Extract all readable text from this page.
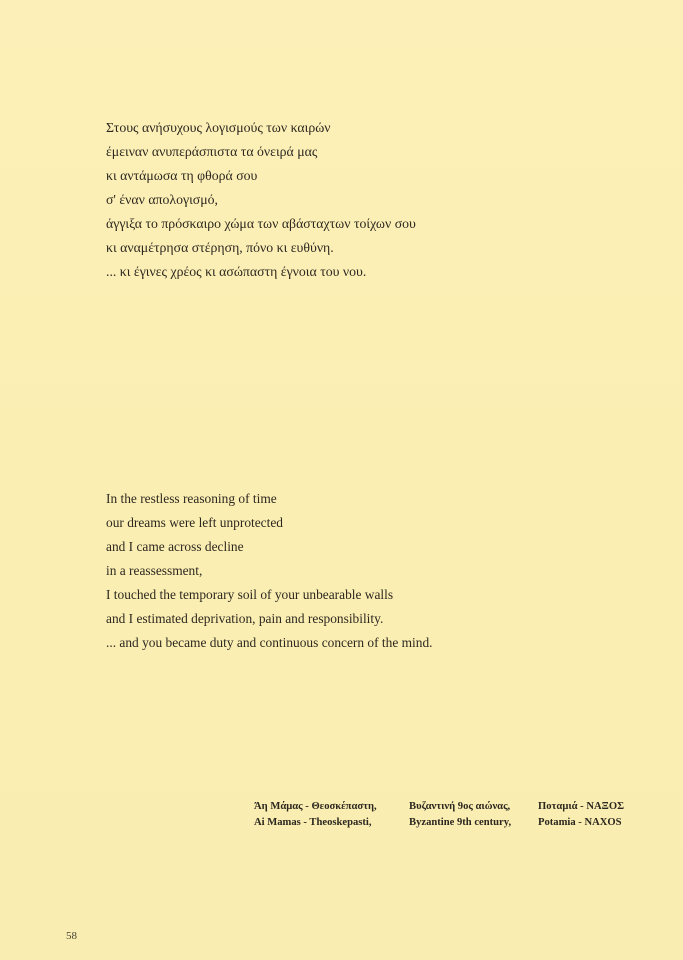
Στους ανήσυχους λογισμούς των καιρών
έμειναν ανυπεράσπιστα τα όνειρά μας
κι αντάμωσα τη φθορά σου
σ' έναν απολογισμό,
άγγιξα το πρόσκαιρο χώμα των αβάσταχτων τοίχων σου
κι αναμέτρησα στέρηση, πόνο κι ευθύνη.
... κι έγινες χρέος κι ασώπαστη έγνοια του νου.
In the restless reasoning of time
our dreams were left unprotected
and I came across decline
in a reassessment,
I touched the temporary soil of your unbearable walls
and I estimated deprivation, pain and responsibility.
... and you became duty and continuous concern of the mind.
Άη Μάμας - Θεοσκέπαστη,	Βυζαντινή 9ος αιώνας,	Ποταμιά - ΝΑΞΟΣ
Ai Mamas - Theoskepasti,	Byzantine 9th century,	Potamia - NAXOS
58
